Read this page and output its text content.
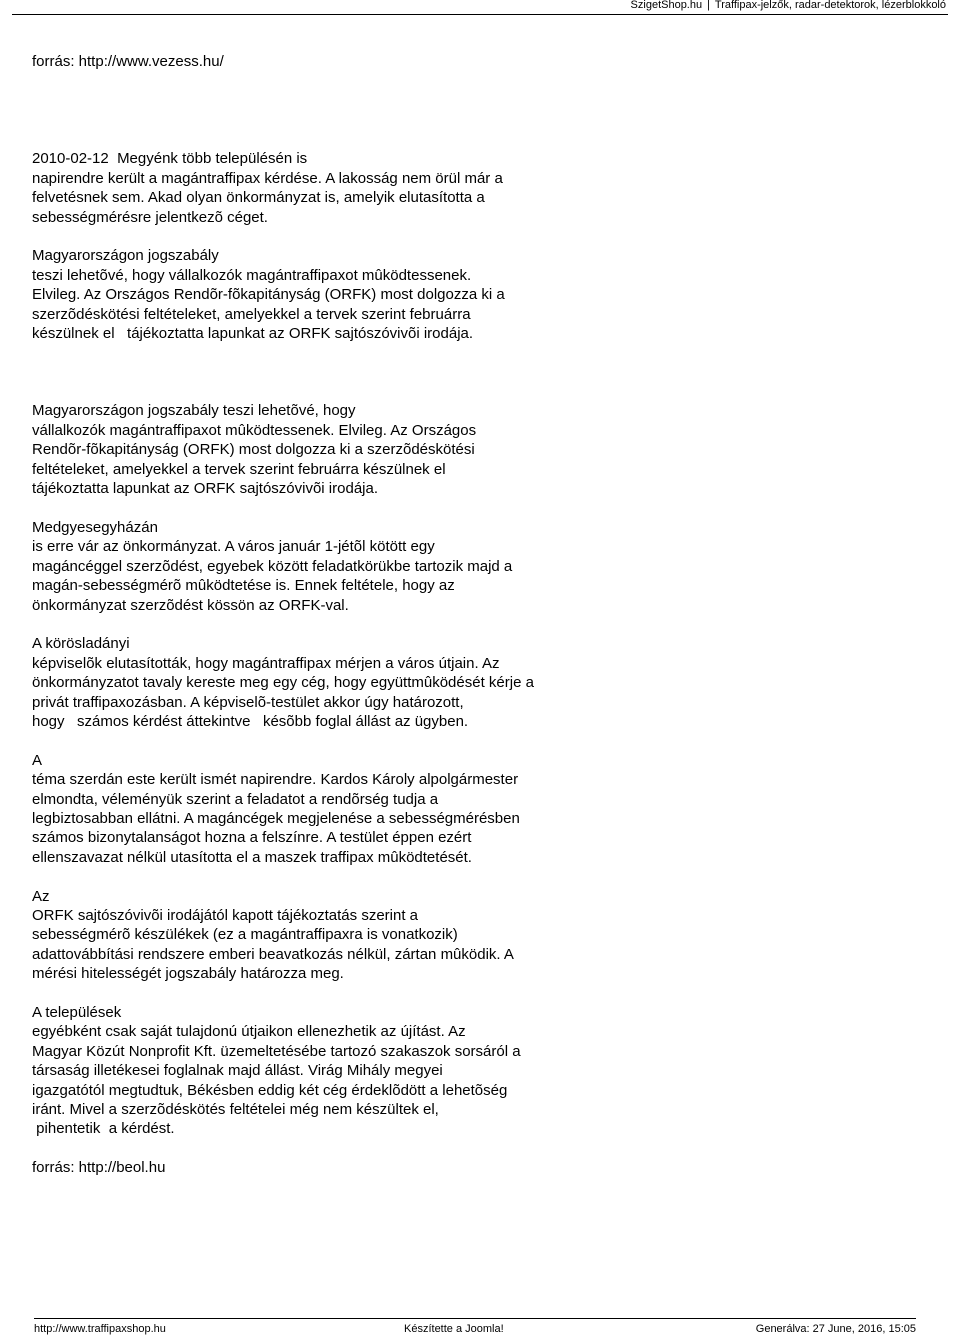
SzigetShop.hu | Traffipax-jelzők, radar-detektorok, lézerblokkoló

forrás: http://www.vezess.hu/

2010-02-12  Megyénk több településén is
napirendre került a magántraffipax kérdése. A lakosság nem örül már a
felvetésnek sem. Akad olyan önkormányzat is, amelyik elutasította a
sebességmérésre jelentkezõ céget.

Magyarországon jogszabály
teszi lehetõvé, hogy vállalkozók magántraffipaxot mûködtessenek.
Elvileg. Az Országos Rendõr-fõkapitányság (ORFK) most dolgozza ki a
szerzõdéskötési feltételeket, amelyekkel a tervek szerint februárra
készülnek el   tájékoztatta lapunkat az ORFK sajtószóvivõi irodája.

Magyarországon jogszabály teszi lehetõvé, hogy
vállalkozók magántraffipaxot mûködtessenek. Elvileg. Az Országos
Rendõr-fõkapitányság (ORFK) most dolgozza ki a szerzõdéskötési
feltételeket, amelyekkel a tervek szerint februárra készülnek el
tájékoztatta lapunkat az ORFK sajtószóvivõi irodája.

Medgyesegyházán
is erre vár az önkormányzat. A város január 1-jétõl kötött egy
magáncéggel szerzõdést, egyebek között feladatkörükbe tartozik majd a
magán-sebességmérõ mûködtetése is. Ennek feltétele, hogy az
önkormányzat szerzõdést kössön az ORFK-val.

A körösladányi
képviselõk elutasították, hogy magántraffipax mérjen a város útjain. Az
önkormányzatot tavaly kereste meg egy cég, hogy együttmûködését kérje a
privát traffipaxozásban. A képviselõ-testület akkor úgy határozott,
hogy   számos kérdést áttekintve   késõbb foglal állást az ügyben.

A
téma szerdán este került ismét napirendre. Kardos Károly alpolgármester
elmondta, véleményük szerint a feladatot a rendõrség tudja a
legbiztosabban ellátni. A magáncégek megjelenése a sebességmérésben
számos bizonytalanságot hozna a felszínre. A testület éppen ezért
ellenszavazat nélkül utasította el a maszek traffipax mûködtetését.

Az
ORFK sajtószóvivõi irodájától kapott tájékoztatás szerint a
sebességmérõ készülékek (ez a magántraffipaxra is vonatkozik)
adattovábbítási rendszere emberi beavatkozás nélkül, zártan mûködik. A
mérési hitelességét jogszabály határozza meg.

A települések
egyébként csak saját tulajdonú útjaikon ellenezhetik az újítást. Az
Magyar Közút Nonprofit Kft. üzemeltetésébe tartozó szakaszok sorsáról a
társaság illetékesei foglalnak majd állást. Virág Mihály megyei
igazgatótól megtudtuk, Békésben eddig két cég érdeklõdött a lehetõség
iránt. Mivel a szerzõdéskötés feltételei még nem készültek el,
pihentetik  a kérdést.

forrás: http://beol.hu

http://www.traffipaxshop.hu	Készítette a Joomla!	Generálva: 27 June, 2016, 15:05
